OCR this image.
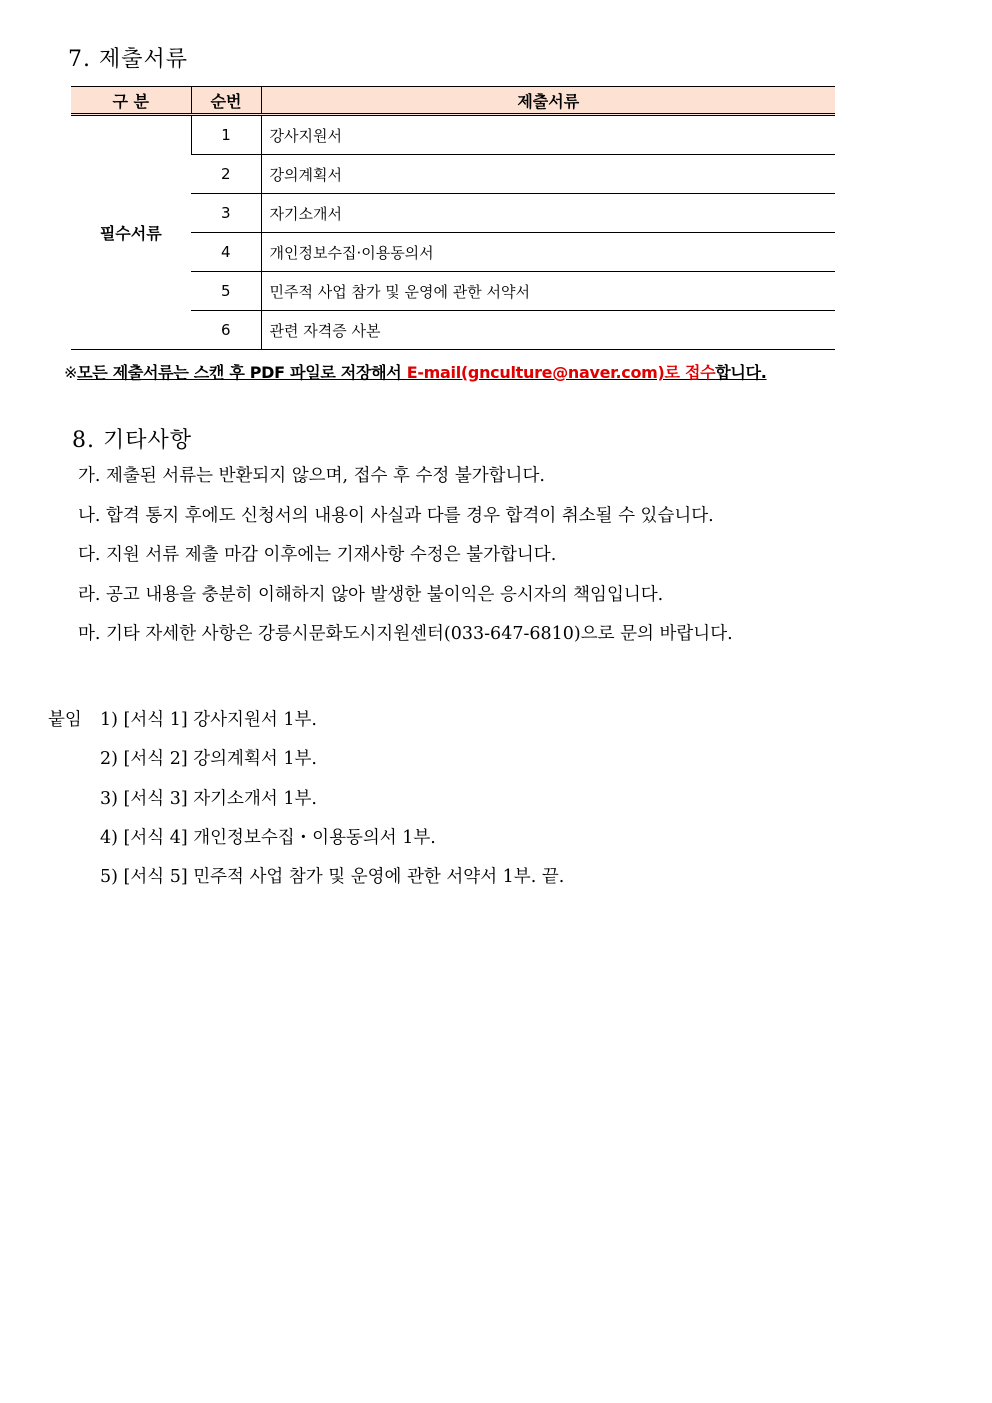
7. 제출서류
구 분	순번	제출서류
필수서류	1	강사지원서
	2	강의계획서
	3	자기소개서
	4	개인정보수집·이용동의서
	5	민주적 사업 참가 및 운영에 관한 서약서
	6	관련 자격증 사본
※모든 제출서류는 스캔 후 PDF 파일로 저장해서 E-mail(gnculture@naver.com)로 접수합니다.
8. 기타사항
가. 제출된 서류는 반환되지 않으며, 접수 후 수정 불가합니다.
나. 합격 통지 후에도 신청서의 내용이 사실과 다를 경우 합격이 취소될 수 있습니다.
다. 지원 서류 제출 마감 이후에는 기재사항 수정은 불가합니다.
라. 공고 내용을 충분히 이해하지 않아 발생한 불이익은 응시자의 책임입니다.
마. 기타 자세한 사항은 강릉시문화도시지원센터(033-647-6810)으로 문의 바랍니다.
붙임 1) [서식 1] 강사지원서 1부.
2) [서식 2] 강의계획서 1부.
3) [서식 3] 자기소개서 1부.
4) [서식 4] 개인정보수집・이용동의서 1부.
5) [서식 5] 민주적 사업 참가 및 운영에 관한 서약서 1부. 끝.
